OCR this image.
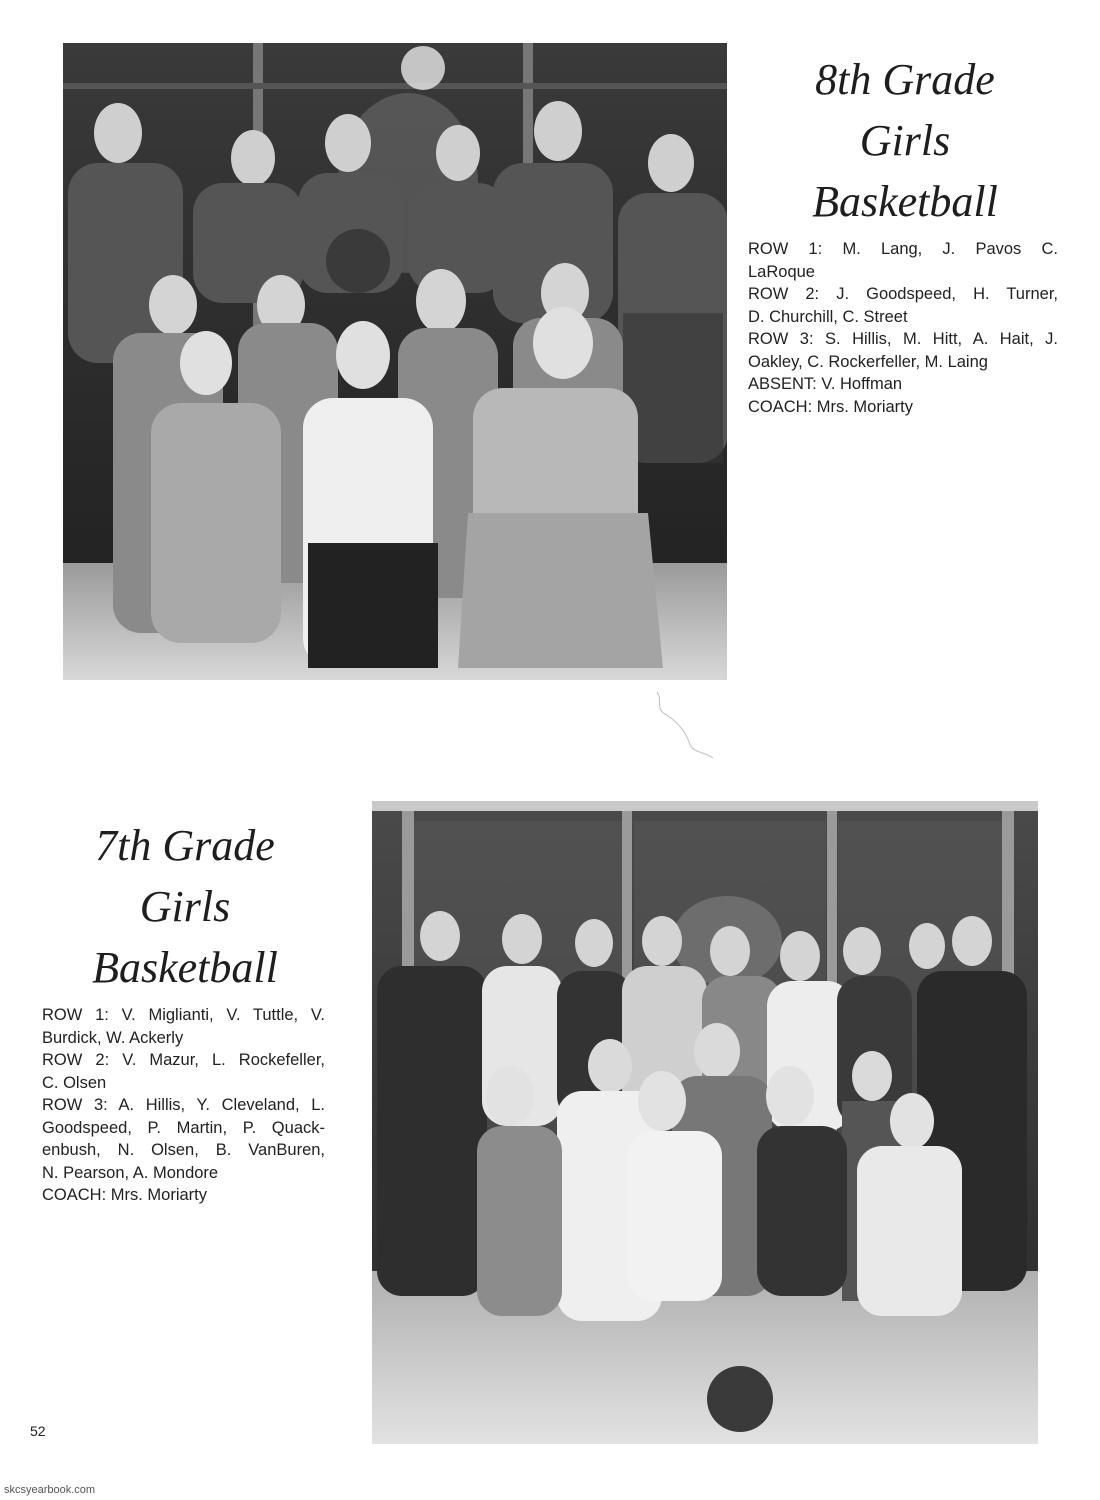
8th Grade
Girls
Basketball
ROW 1: M. Lang, J. Pavos C.
LaRoque
ROW 2: J. Goodspeed, H. Turner,
D. Churchill, C. Street
ROW 3: S. Hillis, M. Hitt, A. Hait, J.
Oakley, C. Rockerfeller, M. Laing
ABSENT: V. Hoffman
COACH: Mrs. Moriarty
7th Grade
Girls
Basketball
ROW 1: V. Miglianti, V. Tuttle, V.
Burdick, W. Ackerly
ROW 2: V. Mazur, L. Rockefeller,
C. Olsen
ROW 3: A. Hillis, Y. Cleveland, L.
Goodspeed, P. Martin, P. Quack-
enbush, N. Olsen, B. VanBuren,
N. Pearson, A. Mondore
COACH: Mrs. Moriarty
52
skcsyearbook.com
